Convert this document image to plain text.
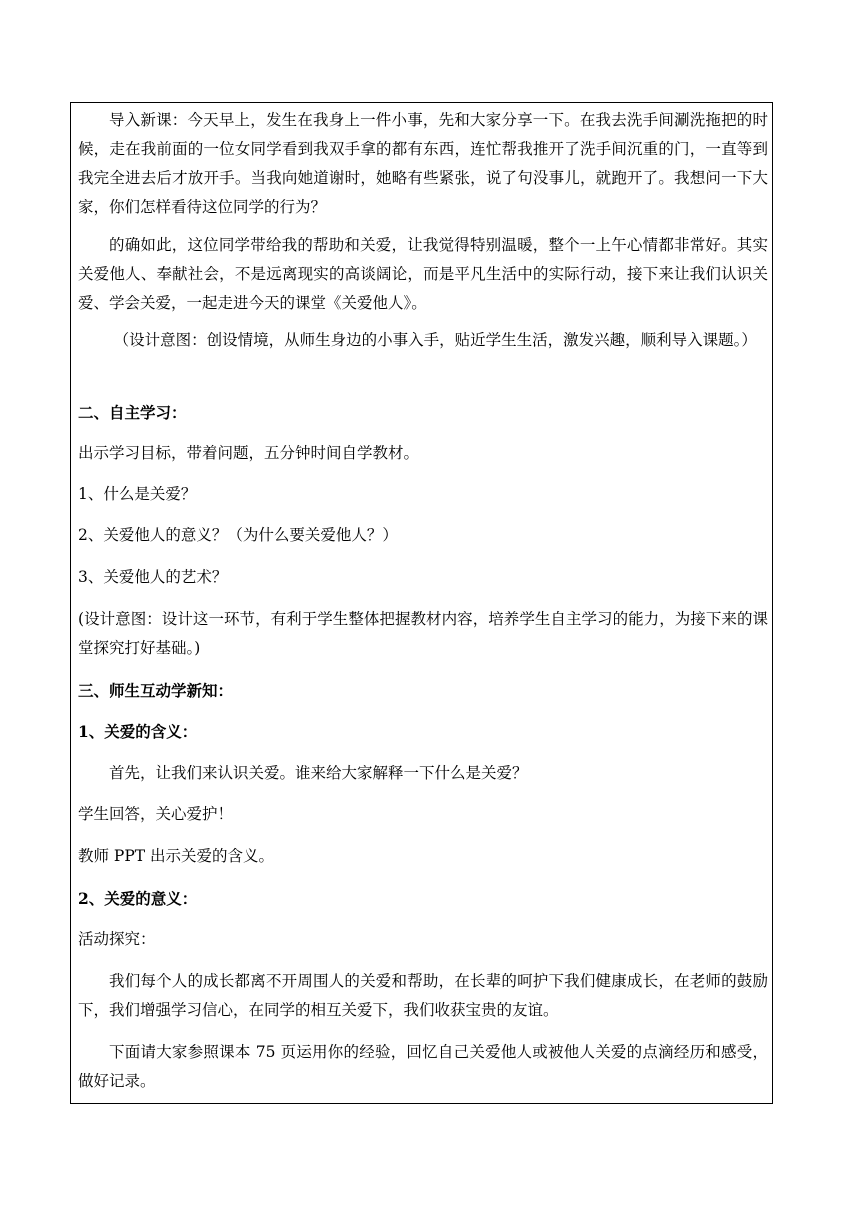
导入新课：今天早上，发生在我身上一件小事，先和大家分享一下。在我去洗手间涮洗拖把的时候，走在我前面的一位女同学看到我双手拿的都有东西，连忙帮我推开了洗手间沉重的门，一直等到我完全进去后才放开手。当我向她道谢时，她略有些紧张，说了句没事儿，就跑开了。我想问一下大家，你们怎样看待这位同学的行为？

的确如此，这位同学带给我的帮助和关爱，让我觉得特别温暖，整个一上午心情都非常好。其实关爱他人、奉献社会，不是远离现实的高谈阔论，而是平凡生活中的实际行动，接下来让我们认识关爱、学会关爱，一起走进今天的课堂《关爱他人》。

（设计意图：创设情境，从师生身边的小事入手，贴近学生生活，激发兴趣，顺利导入课题。）

二、自主学习：

出示学习目标，带着问题，五分钟时间自学教材。

1、什么是关爱？

2、关爱他人的意义？（为什么要关爱他人？）

3、关爱他人的艺术？

(设计意图：设计这一环节，有利于学生整体把握教材内容，培养学生自主学习的能力，为接下来的课堂探究打好基础。)

三、师生互动学新知：

1、关爱的含义：

首先，让我们来认识关爱。谁来给大家解释一下什么是关爱？

学生回答，关心爱护！

教师 PPT 出示关爱的含义。

2、关爱的意义：

活动探究：

我们每个人的成长都离不开周围人的关爱和帮助，在长辈的呵护下我们健康成长，在老师的鼓励下，我们增强学习信心，在同学的相互关爱下，我们收获宝贵的友谊。

下面请大家参照课本 75 页运用你的经验，回忆自己关爱他人或被他人关爱的点滴经历和感受，做好记录。
